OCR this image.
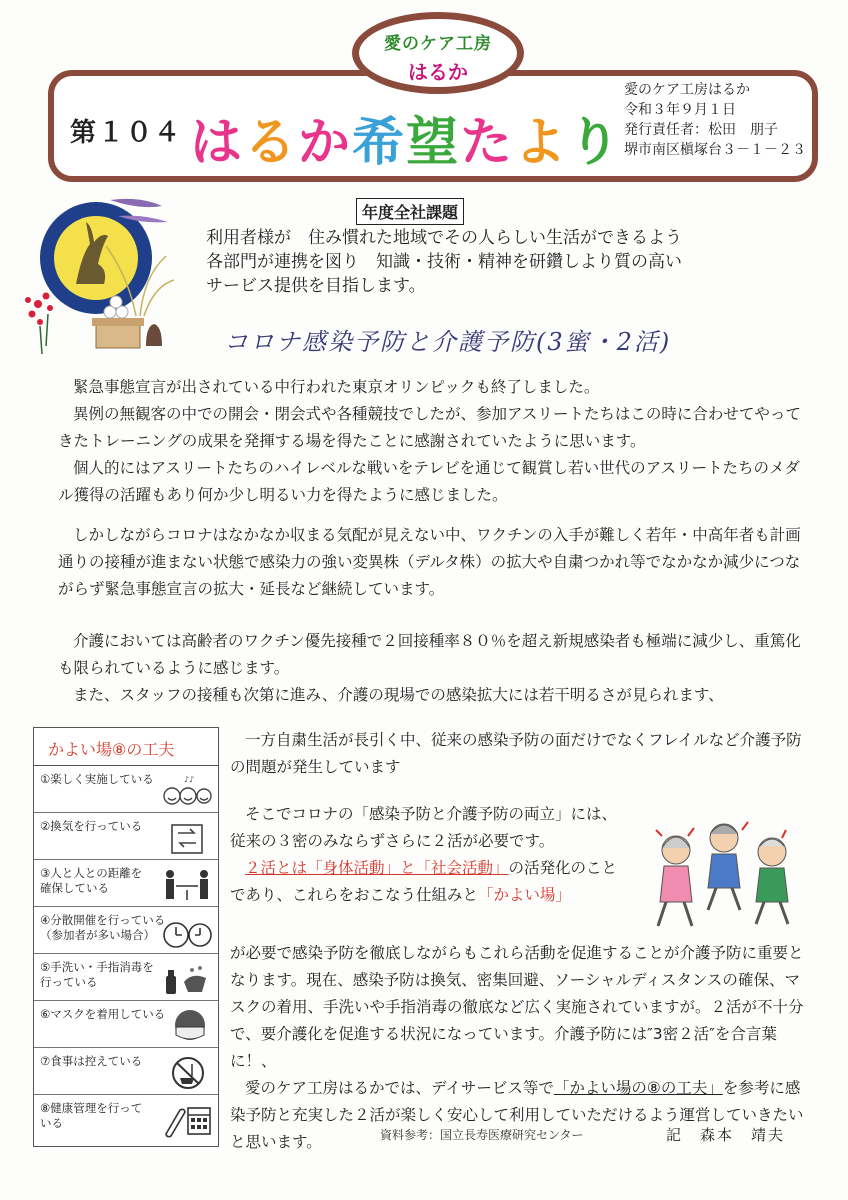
愛のケア工房
はるか
第１０４ はるか希望たより
愛のケア工房はるか
令和３年９月１日
発行責任者：松田　朋子
堺市南区槇塚台３－１－２３
年度全社課題
利用者様が　住み慣れた地域でその人らしい生活ができるよう
各部門が連携を図り　知識・技術・精神を研鑽しより質の高い
サービス提供を目指します。
コロナ感染予防と介護予防(3蜜・2活)

緊急事態宣言が出されている中行われた東京オリンピックも終了しました。

異例の無観客の中での開会・閉会式や各種競技でしたが、参加アスリートたちはこの時に合わせてやってきたトレーニングの成果を発揮する場を得たことに感謝されていたように思います。

個人的にはアスリートたちのハイレベルな戦いをテレビを通じて観賞し若い世代のアスリートたちのメダル獲得の活躍もあり何か少し明るい力を得たように感じました。

しかしながらコロナはなかなか収まる気配が見えない中、ワクチンの入手が難しく若年・中高年者も計画通りの接種が進まない状態で感染力の強い変異株（デルタ株）の拡大や自粛つかれ等でなかなか減少につながらず緊急事態宣言の拡大・延長など継続しています。

介護においては高齢者のワクチン優先接種で２回接種率８０％を超え新規感染者も極端に減少し、重篤化も限られているように感じます。

また、スタッフの接種も次第に進み、介護の現場での感染拡大には若干明るさが見られます、

かよい場⑧の工夫
①楽しく実施している	♪♪
②換気を行っている
③人と人との距離を
確保している
④分散開催を行っている
（参加者が多い場合）
⑤手洗い・手指消毒を
行っている
⑥マスクを着用している
⑦食事は控えている
⑧健康管理を行って
いる

一方自粛生活が長引く中、従来の感染予防の面だけでなくフレイルなど介護予防の問題が発生しています

そこでコロナの「感染予防と介護予防の両立」には、従来の３密のみならずさらに２活が必要です。

２活とは「身体活動」と「社会活動」の活発化のことであり、これらをおこなう仕組みと「かよい場」

が必要で感染予防を徹底しながらもこれら活動を促進することが介護予防に重要となります。現在、感染予防は換気、密集回避、ソーシャルディスタンスの確保、マスクの着用、手洗いや手指消毒の徹底など広く実施されていますが。２活が不十分で、要介護化を促進する状況になっています。介護予防には″3密２活″を合言葉に！、

愛のケア工房はるかでは、デイサービス等で「かよい場の⑧の工夫」を参考に感染予防と充実した２活が楽しく安心して利用していただけるよう運営していきたいと思います。	資料参考：国立長寿医療研究センター	記　森本　靖夫
